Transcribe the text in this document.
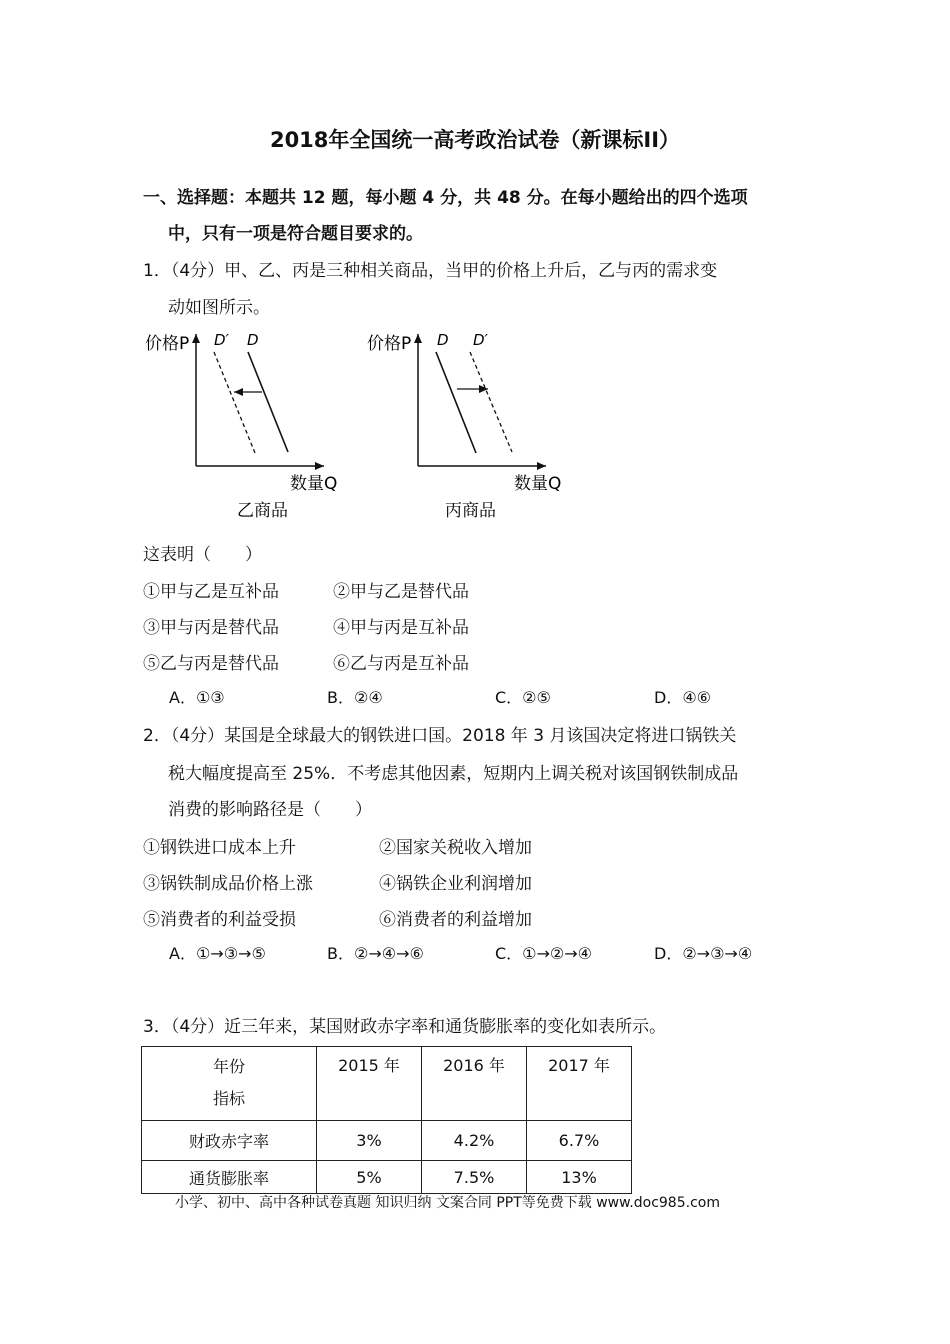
2018年全国统一高考政治试卷（新课标II）
一、选择题：本题共 12 题，每小题 4 分，共 48 分。在每小题给出的四个选项
中，只有一项是符合题目要求的。
1．（4分）甲、乙、丙是三种相关商品，当甲的价格上升后，乙与丙的需求变
动如图所示。
价格P
数量Q
D′ D
乙商品
价格P
数量Q
D D′
丙商品
这表明（　　）
①甲与乙是互补品	②甲与乙是替代品
③甲与丙是替代品	④甲与丙是互补品
⑤乙与丙是替代品	⑥乙与丙是互补品
A．①③	B．②④	C．②⑤	D．④⑥
2．（4分）某国是全球最大的钢铁进口国。2018 年 3 月该国决定将进口锅铁关
税大幅度提高至 25%．不考虑其他因素，短期内上调关税对该国钢铁制成品
消费的影响路径是（　　）
①钢铁进口成本上升	②国家关税收入增加
③锅铁制成品价格上涨	④锅铁企业利润增加
⑤消费者的利益受损	⑥消费者的利益增加
A．①→③→⑤	B．②→④→⑥	C．①→②→④	D．②→③→④
3．（4分）近三年来，某国财政赤字率和通货膨胀率的变化如表所示。
年份
指标	2015 年	2016 年	2017 年
财政赤字率	3%	4.2%	6.7%
通货膨胀率	5%	7.5%	13%
小学、初中、高中各种试卷真题 知识归纳 文案合同 PPT等免费下载 www.doc985.com
